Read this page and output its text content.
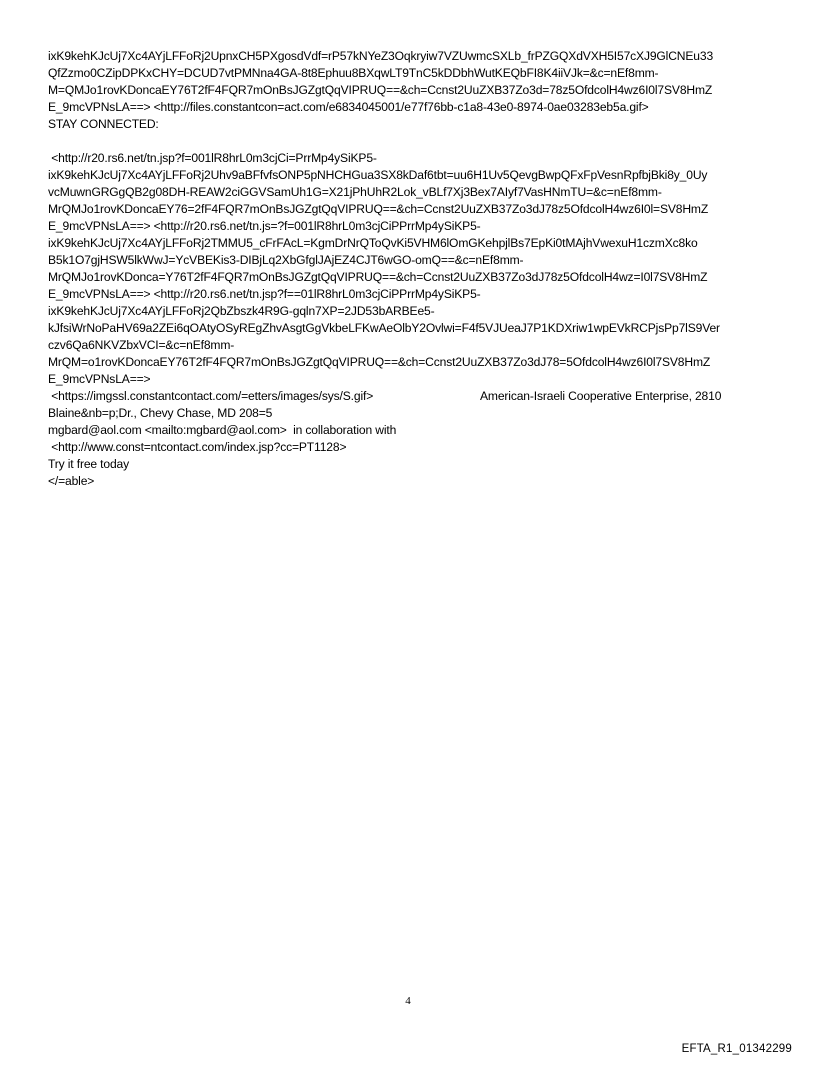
ixK9kehKJcUj7Xc4AYjLFFoRj2UpnxCH5PXgosdVdf=rP57kNYeZ3Oqkryiw7VZUwmcSXLb_frPZGQXdVXH5I57cXJ9GlCNEu33
QfZzmo0CZipDPKxCHY=DCUD7vtPMNna4GA-8t8Ephuu8BXqwLT9TnC5kDDbhWutKEQbFI8K4iiVJk=&c=nEf8mm-
M=QMJo1rovKDoncaEY76T2fF4FQR7mOnBsJGZgtQqVIPRUQ==&ch=Ccnst2UuZXB37Zo3d=78z5OfdcolH4wz6I0l7SV8HmZ
E_9mcVPNsLA==> <http://files.constantcon=act.com/e6834045001/e77f76bb-c1a8-43e0-8974-0ae03283eb5a.gif>
STAY CONNECTED:
<http://r20.rs6.net/tn.jsp?f=001lR8hrL0m3cjCi=PrrMp4ySiKP5-
ixK9kehKJcUj7Xc4AYjLFFoRj2Uhv9aBFfvfsONP5pNHCHGua3SX8kDaf6tbt=uu6H1Uv5QevgBwpQFxFpVesnRpfbjBki8y_0Uy
vcMuwnGRGgQB2g08DH-REAW2ciGGVSamUh1G=X21jPhUhR2Lok_vBLf7Xj3Bex7AIyf7VasHNmTU=&c=nEf8mm-
MrQMJo1rovKDoncaEY76=2fF4FQR7mOnBsJGZgtQqVIPRUQ==&ch=Ccnst2UuZXB37Zo3dJ78z5OfdcolH4wz6I0l=SV8HmZ
E_9mcVPNsLA==> <http://r20.rs6.net/tn.js=?f=001lR8hrL0m3cjCiPPrrMp4ySiKP5-
ixK9kehKJcUj7Xc4AYjLFFoRj2TMMU5_cFrFAcL=KgmDrNrQToQvKi5VHM6lOmGKehpjlBs7EpKi0tMAjhVwexuH1czmXc8ko
B5k1O7gjHSW5lkWwJ=YcVBEKis3-DIBjLq2XbGfglJAjEZ4CJT6wGO-omQ==&c=nEf8mm-
MrQMJo1rovKDonca=Y76T2fF4FQR7mOnBsJGZgtQqVIPRUQ==&ch=Ccnst2UuZXB37Zo3dJ78z5OfdcolH4wz=I0l7SV8HmZ
E_9mcVPNsLA==> <http://r20.rs6.net/tn.jsp?f==01lR8hrL0m3cjCiPPrrMp4ySiKP5-
ixK9kehKJcUj7Xc4AYjLFFoRj2QbZbszk4R9G-gqln7XP=2JD53bARBEe5-
kJfsiWrNoPaHV69a2ZEi6qOAtyOSyREgZhvAsgtGgVkbeLFKwAeOlbY2Ovlwi=F4f5VJUeaJ7P1KDXriw1wpEVkRCPjsPp7lS9Ver
czv6Qa6NKVZbxVCI=&c=nEf8mm-
MrQM=o1rovKDoncaEY76T2fF4FQR7mOnBsJGZgtQqVIPRUQ==&ch=Ccnst2UuZXB37Zo3dJ78=5OfdcolH4wz6I0l7SV8HmZ
E_9mcVPNsLA==>
<https://imgssl.constantcontact.com/=etters/images/sys/S.gif>	American-Israeli Cooperative Enterprise, 2810
Blaine&nb=p;Dr., Chevy Chase, MD 208=5
mgbard@aol.com <mailto:mgbard@aol.com>  in collaboration with
<http://www.const=ntcontact.com/index.jsp?cc=PT1128>
Try it free today
</=able>
4
EFTA_R1_01342299
